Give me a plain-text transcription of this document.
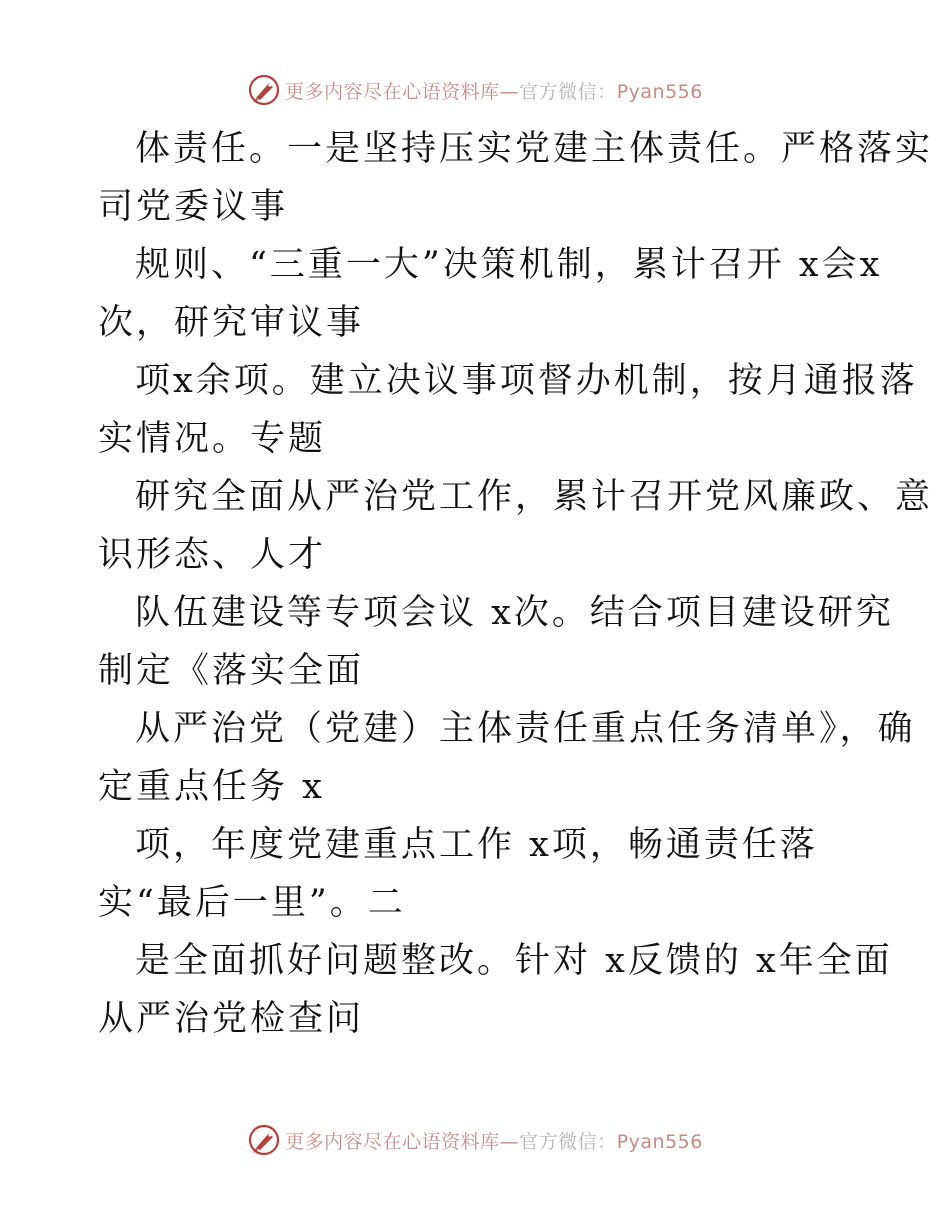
更多内容尽在心语资料库—官方微信：Pyan556
体责任。一是坚持压实党建主体责任。严格落实
司党委议事
规则、“三重一大”决策机制，累计召开 x会x
次，研究审议事
项x余项。建立决议事项督办机制，按月通报落
实情况。专题
研究全面从严治党工作，累计召开党风廉政、意
识形态、人才
队伍建设等专项会议 x次。结合项目建设研究
制定《落实全面
从严治党（党建）主体责任重点任务清单》，确
定重点任务 x
项，年度党建重点工作 x项，畅通责任落
实“最后一里”。二
是全面抓好问题整改。针对 x反馈的 x年全面
从严治党检查问
更多内容尽在心语资料库—官方微信：Pyan556
